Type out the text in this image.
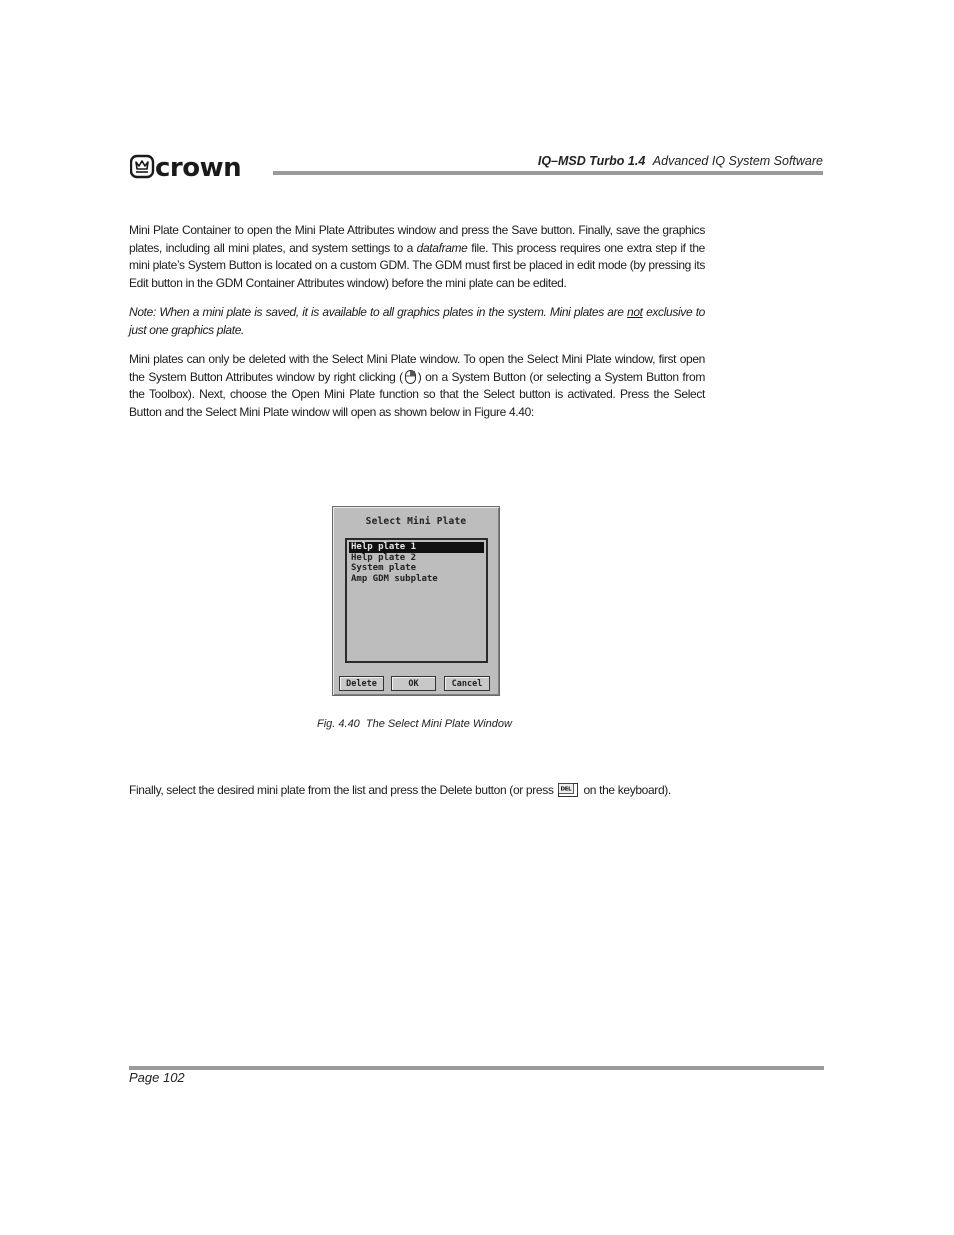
crown	IQ–MSD Turbo 1.4 Advanced IQ System Software
Mini Plate Container to open the Mini Plate Attributes window and press the Save button. Finally, save the graphics plates, including all mini plates, and system settings to a dataframe file. This process requires one extra step if the mini plate’s System Button is located on a custom GDM. The GDM must first be placed in edit mode (by pressing its Edit button in the GDM Container Attributes window) before the mini plate can be edited.
Note: When a mini plate is saved, it is available to all graphics plates in the system. Mini plates are not exclusive to just one graphics plate.
Mini plates can only be deleted with the Select Mini Plate window. To open the Select Mini Plate window, first open the System Button Attributes window by right clicking ( ) on a System Button (or selecting a System Button from the Toolbox). Next, choose the Open Mini Plate function so that the Select button is activated. Press the Select Button and the Select Mini Plate window will open as shown below in Figure 4.40:
Select Mini Plate
Help plate 1
Help plate 2
System plate
Amp GDM subplate
Delete	OK	Cancel
Fig. 4.40  The Select Mini Plate Window
Finally, select the desired mini plate from the list and press the Delete button (or press DEL on the keyboard).
Page 102
